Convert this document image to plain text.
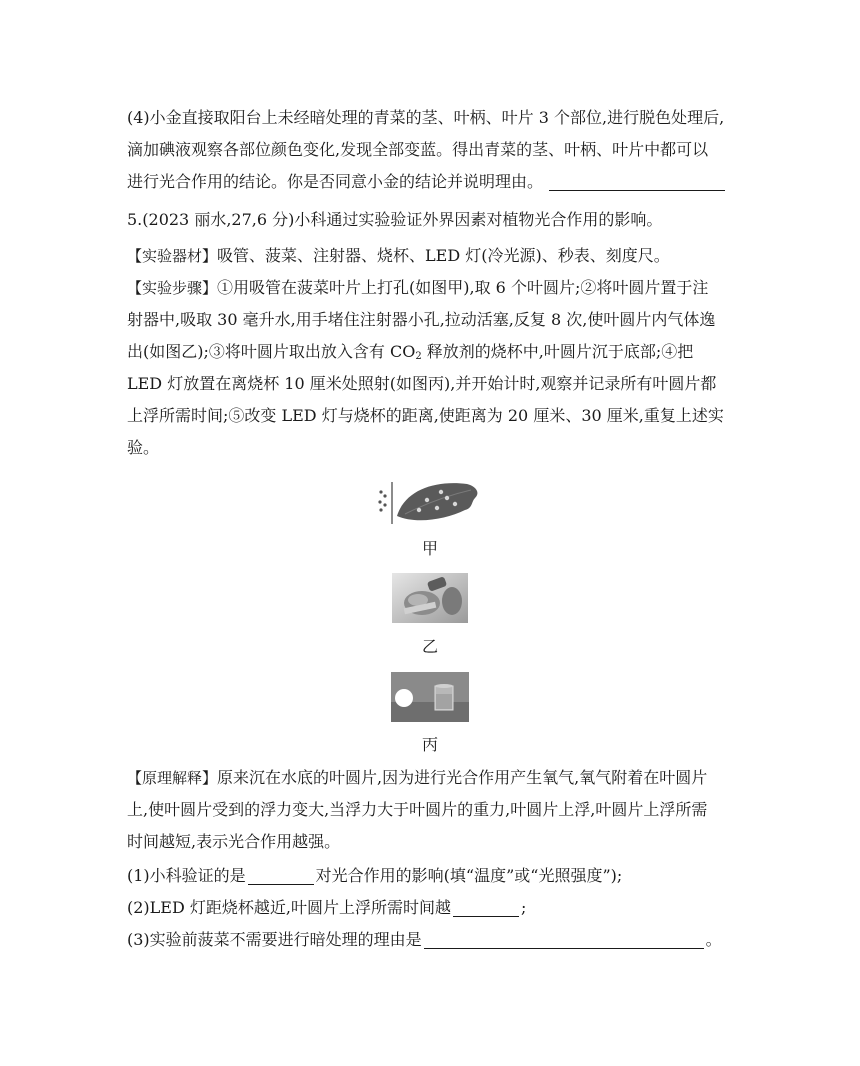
(4)小金直接取阳台上未经暗处理的青菜的茎、叶柄、叶片 3 个部位,进行脱色处理后,
滴加碘液观察各部位颜色变化,发现全部变蓝。得出青菜的茎、叶柄、叶片中都可以
进行光合作用的结论。你是否同意小金的结论并说明理由。
5.(2023 丽水,27,6 分)小科通过实验验证外界因素对植物光合作用的影响。
【实验器材】吸管、菠菜、注射器、烧杯、LED 灯(冷光源)、秒表、刻度尺。
【实验步骤】①用吸管在菠菜叶片上打孔(如图甲),取 6 个叶圆片;②将叶圆片置于注
射器中,吸取 30 毫升水,用手堵住注射器小孔,拉动活塞,反复 8 次,使叶圆片内气体逸
出(如图乙);③将叶圆片取出放入含有 $CO_2$ 释放剂的烧杯中,叶圆片沉于底部;④把
LED 灯放置在离烧杯 10 厘米处照射(如图丙),并开始计时,观察并记录所有叶圆片都
上浮所需时间;⑤改变 LED 灯与烧杯的距离,使距离为 20 厘米、30 厘米,重复上述实
验。
甲
乙
丙
【原理解释】原来沉在水底的叶圆片,因为进行光合作用产生氧气,氧气附着在叶圆片
上,使叶圆片受到的浮力变大,当浮力大于叶圆片的重力,叶圆片上浮,叶圆片上浮所需
时间越短,表示光合作用越强。
(1)小科验证的是	对光合作用的影响(填“温度”或“光照强度”);
(2)LED 灯距烧杯越近,叶圆片上浮所需时间越	;
(3)实验前菠菜不需要进行暗处理的理由是	。
